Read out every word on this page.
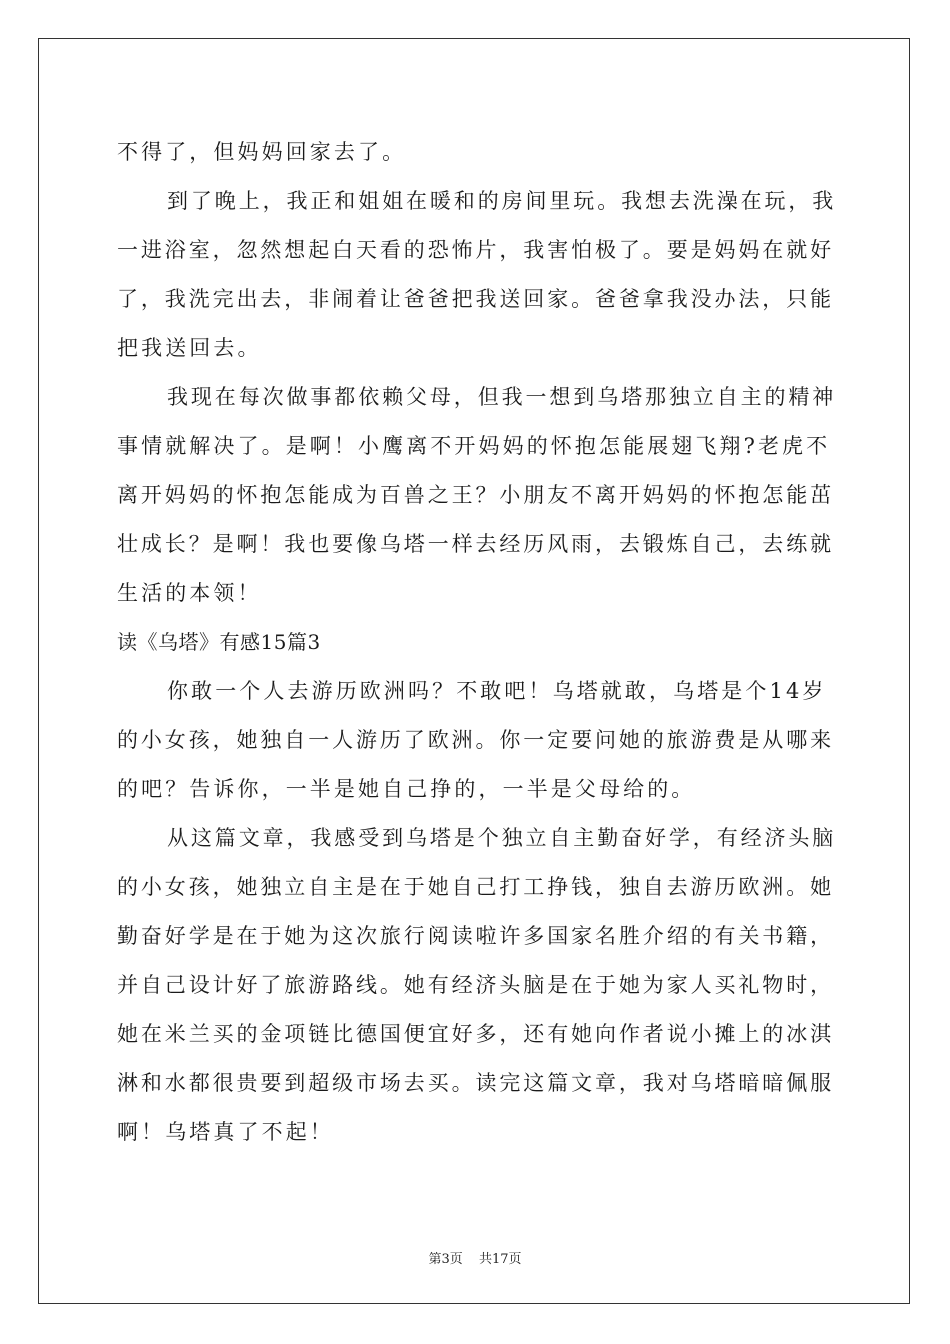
不得了，但妈妈回家去了。
到了晚上，我正和姐姐在暖和的房间里玩。我想去洗澡在玩，我
一进浴室，忽然想起白天看的恐怖片，我害怕极了。要是妈妈在就好
了，我洗完出去，非闹着让爸爸把我送回家。爸爸拿我没办法，只能
把我送回去。
我现在每次做事都依赖父母，但我一想到乌塔那独立自主的精神
事情就解决了。是啊！小鹰离不开妈妈的怀抱怎能展翅飞翔?老虎不
离开妈妈的怀抱怎能成为百兽之王？小朋友不离开妈妈的怀抱怎能茁
壮成长？是啊！我也要像乌塔一样去经历风雨，去锻炼自己，去练就
生活的本领！
读《乌塔》有感15篇3
你敢一个人去游历欧洲吗？不敢吧！乌塔就敢，乌塔是个14岁
的小女孩，她独自一人游历了欧洲。你一定要问她的旅游费是从哪来
的吧？告诉你，一半是她自己挣的，一半是父母给的。
从这篇文章，我感受到乌塔是个独立自主勤奋好学，有经济头脑
的小女孩，她独立自主是在于她自己打工挣钱，独自去游历欧洲。她
勤奋好学是在于她为这次旅行阅读啦许多国家名胜介绍的有关书籍，
并自己设计好了旅游路线。她有经济头脑是在于她为家人买礼物时，
她在米兰买的金项链比德国便宜好多，还有她向作者说小摊上的冰淇
淋和水都很贵要到超级市场去买。读完这篇文章，我对乌塔暗暗佩服
啊！乌塔真了不起！
第3页 共17页
